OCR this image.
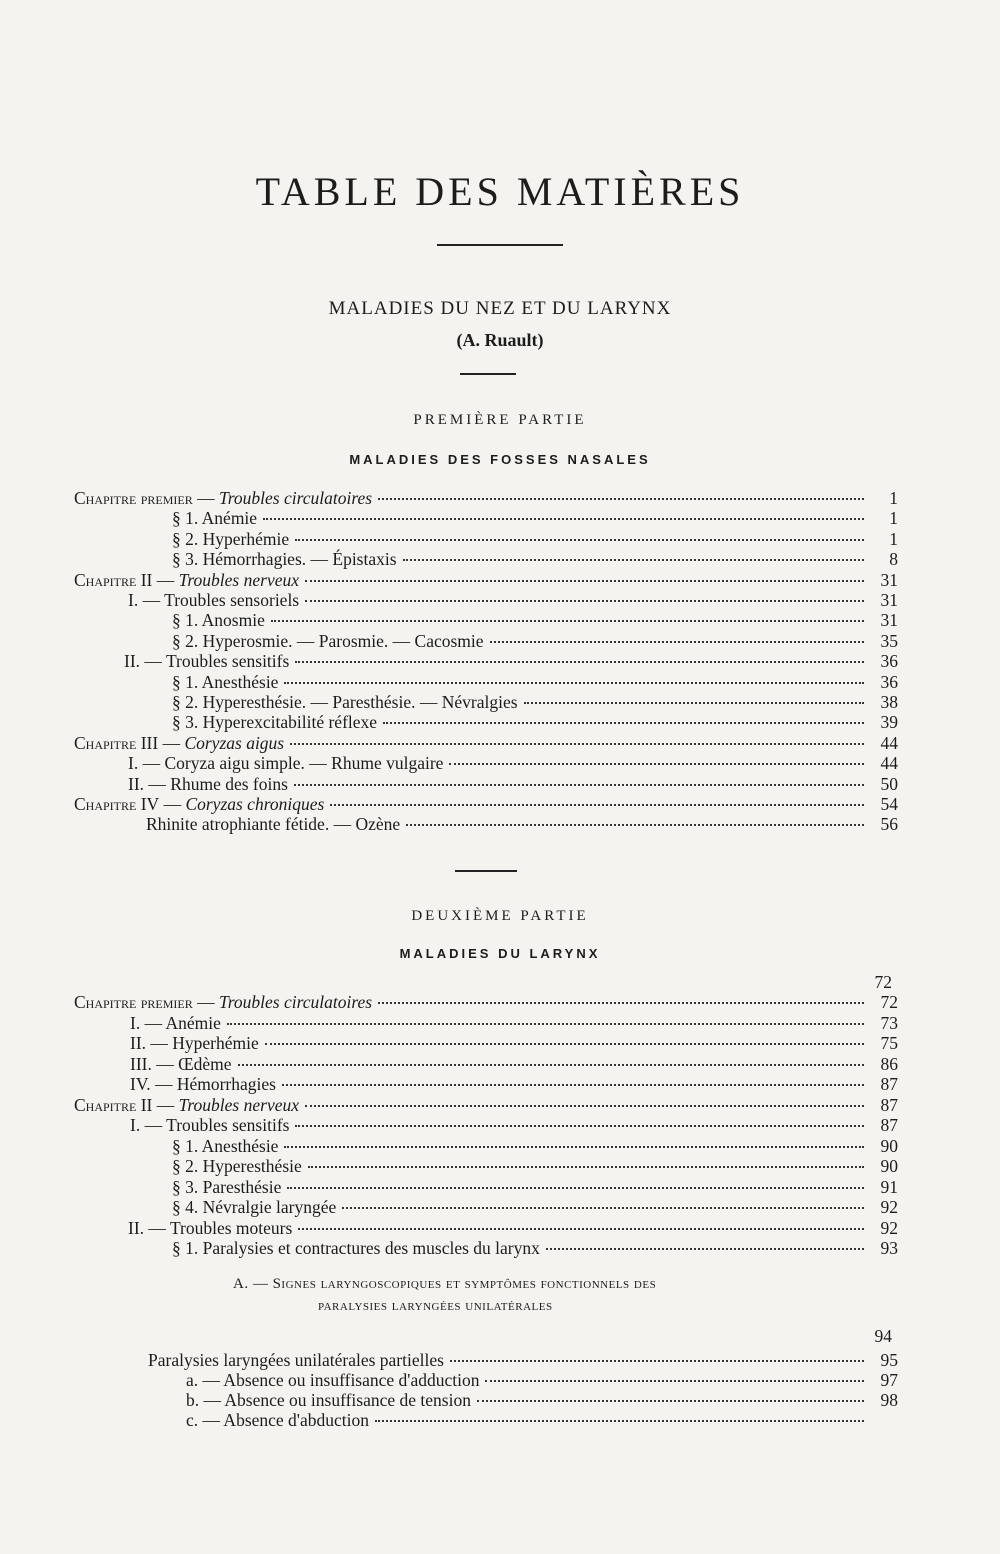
TABLE DES MATIÈRES
MALADIES DU NEZ ET DU LARYNX
(A. Ruault)
PREMIÈRE PARTIE
MALADIES DES FOSSES NASALES
Chapitre premier — Troubles circulatoires	1
§ 1. Anémie	1
§ 2. Hyperhémie	1
§ 3. Hémorrhagies. — Épistaxis	8
Chapitre II — Troubles nerveux	31
I. — Troubles sensoriels	31
§ 1. Anosmie	31
§ 2. Hyperosmie. — Parosmie. — Cacosmie	35
II. — Troubles sensitifs	36
§ 1. Anesthésie	36
§ 2. Hyperesthésie. — Paresthésie. — Névralgies	38
§ 3. Hyperexcitabilité réflexe	39
Chapitre III — Coryzas aigus	44
I. — Coryza aigu simple. — Rhume vulgaire	44
II. — Rhume des foins	50
Chapitre IV — Coryzas chroniques	54
Rhinite atrophiante fétide. — Ozène	56
DEUXIÈME PARTIE
MALADIES DU LARYNX
72
Chapitre premier — Troubles circulatoires	72
I. — Anémie	73
II. — Hyperhémie	75
III. — Œdème	86
IV. — Hémorrhagies	87
Chapitre II — Troubles nerveux	87
I. — Troubles sensitifs	87
§ 1. Anesthésie	90
§ 2. Hyperesthésie	90
§ 3. Paresthésie	91
§ 4. Névralgie laryngée	92
II. — Troubles moteurs	92
§ 1. Paralysies et contractures des muscles du larynx	93
A. — Signes laryngoscopiques et symptômes fonctionnels des
paralysies laryngées unilatérales
94
Paralysies laryngées unilatérales partielles	95
a. — Absence ou insuffisance d'adduction	97
b. — Absence ou insuffisance de tension	98
c. — Absence d'abduction
